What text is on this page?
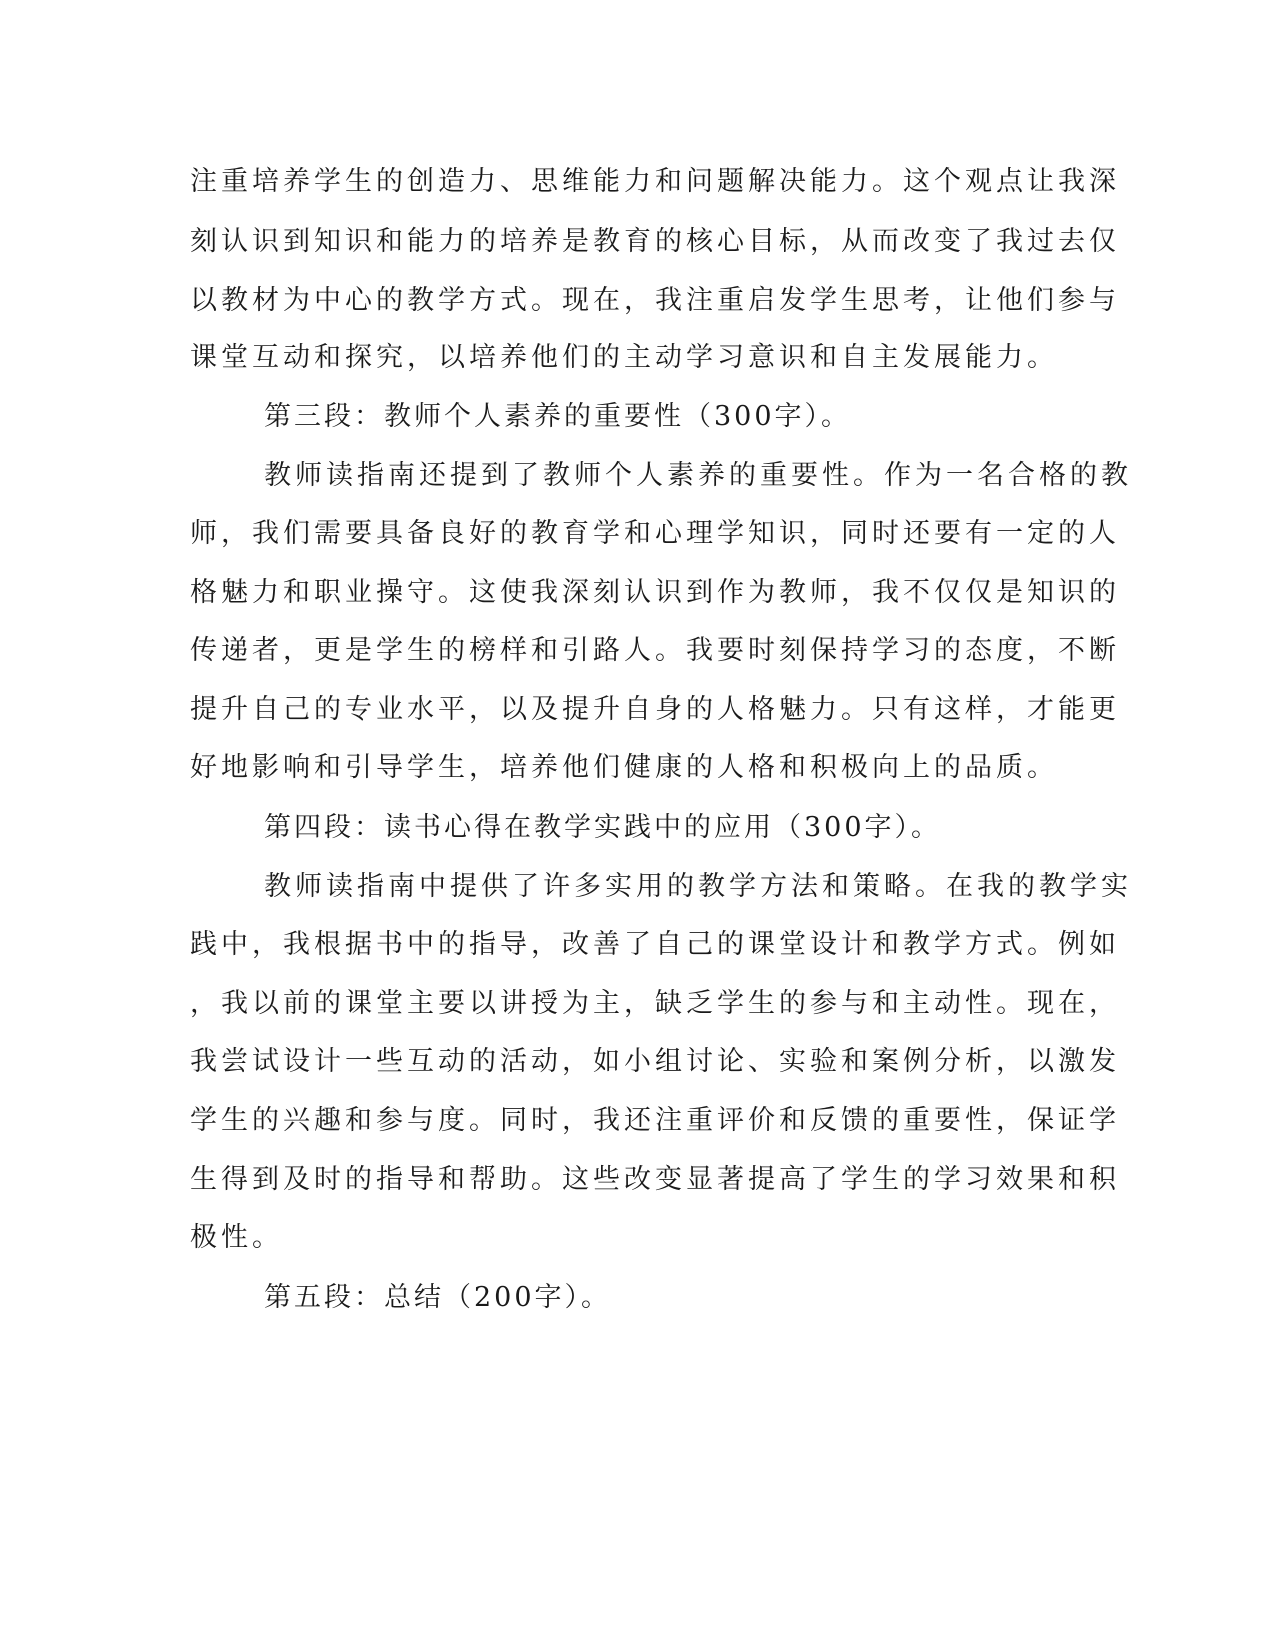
注重培养学生的创造力、思维能力和问题解决能力。这个观点让我深

刻认识到知识和能力的培养是教育的核心目标，从而改变了我过去仅

以教材为中心的教学方式。现在，我注重启发学生思考，让他们参与

课堂互动和探究，以培养他们的主动学习意识和自主发展能力。

第三段：教师个人素养的重要性（300字）。

教师读指南还提到了教师个人素养的重要性。作为一名合格的教

师，我们需要具备良好的教育学和心理学知识，同时还要有一定的人

格魅力和职业操守。这使我深刻认识到作为教师，我不仅仅是知识的

传递者，更是学生的榜样和引路人。我要时刻保持学习的态度，不断

提升自己的专业水平，以及提升自身的人格魅力。只有这样，才能更

好地影响和引导学生，培养他们健康的人格和积极向上的品质。

第四段：读书心得在教学实践中的应用（300字）。

教师读指南中提供了许多实用的教学方法和策略。在我的教学实

践中，我根据书中的指导，改善了自己的课堂设计和教学方式。例如

，我以前的课堂主要以讲授为主，缺乏学生的参与和主动性。现在，

我尝试设计一些互动的活动，如小组讨论、实验和案例分析，以激发

学生的兴趣和参与度。同时，我还注重评价和反馈的重要性，保证学

生得到及时的指导和帮助。这些改变显著提高了学生的学习效果和积

极性。

第五段：总结（200字）。
